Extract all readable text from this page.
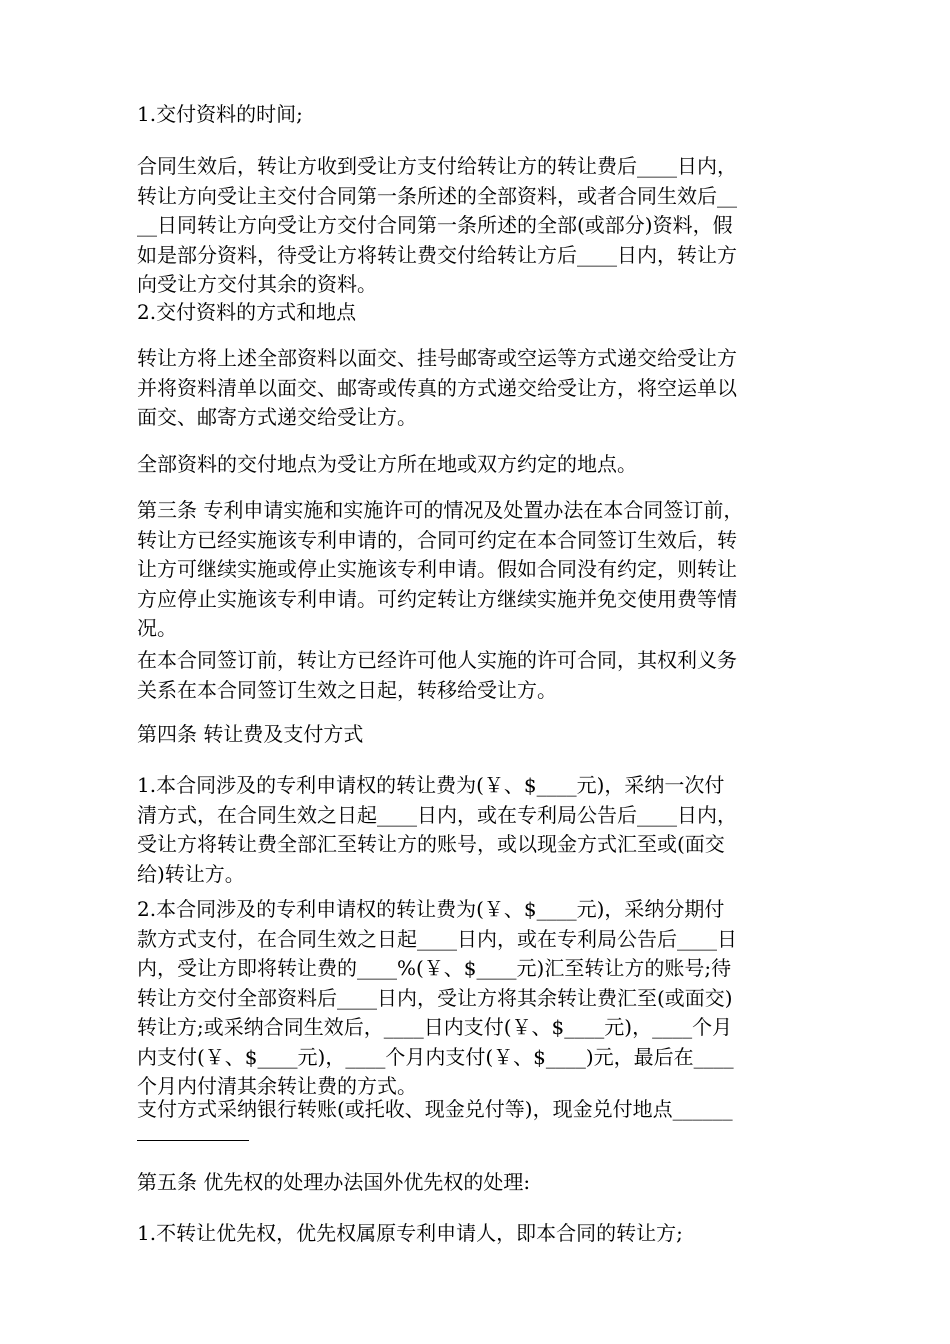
1.交付资料的时间;

合同生效后，转让方收到受让方支付给转让方的转让费后____日内，
转让方向受让主交付合同第一条所述的全部资料，或者合同生效后__
__日同转让方向受让方交付合同第一条所述的全部(或部分)资料，假
如是部分资料，待受让方将转让费交付给转让方后____日内，转让方
向受让方交付其余的资料。

2.交付资料的方式和地点

转让方将上述全部资料以面交、挂号邮寄或空运等方式递交给受让方
并将资料清单以面交、邮寄或传真的方式递交给受让方，将空运单以
面交、邮寄方式递交给受让方。

全部资料的交付地点为受让方所在地或双方约定的地点。

第三条 专利申请实施和实施许可的情况及处置办法在本合同签订前，
转让方已经实施该专利申请的，合同可约定在本合同签订生效后，转
让方可继续实施或停止实施该专利申请。假如合同没有约定，则转让
方应停止实施该专利申请。可约定转让方继续实施并免交使用费等情
况。

在本合同签订前，转让方已经许可他人实施的许可合同，其权利义务
关系在本合同签订生效之日起，转移给受让方。

第四条 转让费及支付方式

1.本合同涉及的专利申请权的转让费为(￥、$____元)，采纳一次付
清方式，在合同生效之日起____日内，或在专利局公告后____日内，
受让方将转让费全部汇至转让方的账号，或以现金方式汇至或(面交
给)转让方。

2.本合同涉及的专利申请权的转让费为(￥、$____元)，采纳分期付
款方式支付，在合同生效之日起____日内，或在专利局公告后____日
内，受让方即将转让费的____%(￥、$____元)汇至转让方的账号;待
转让方交付全部资料后____日内，受让方将其余转让费汇至(或面交)
转让方;或采纳合同生效后，____日内支付(￥、$____元)，____个月
内支付(￥、$____元)，____个月内支付(￥、$____)元，最后在____
个月内付清其余转让费的方式。

支付方式采纳银行转账(或托收、现金兑付等)，现金兑付地点______

第五条 优先权的处理办法国外优先权的处理:

1.不转让优先权，优先权属原专利申请人，即本合同的转让方;
